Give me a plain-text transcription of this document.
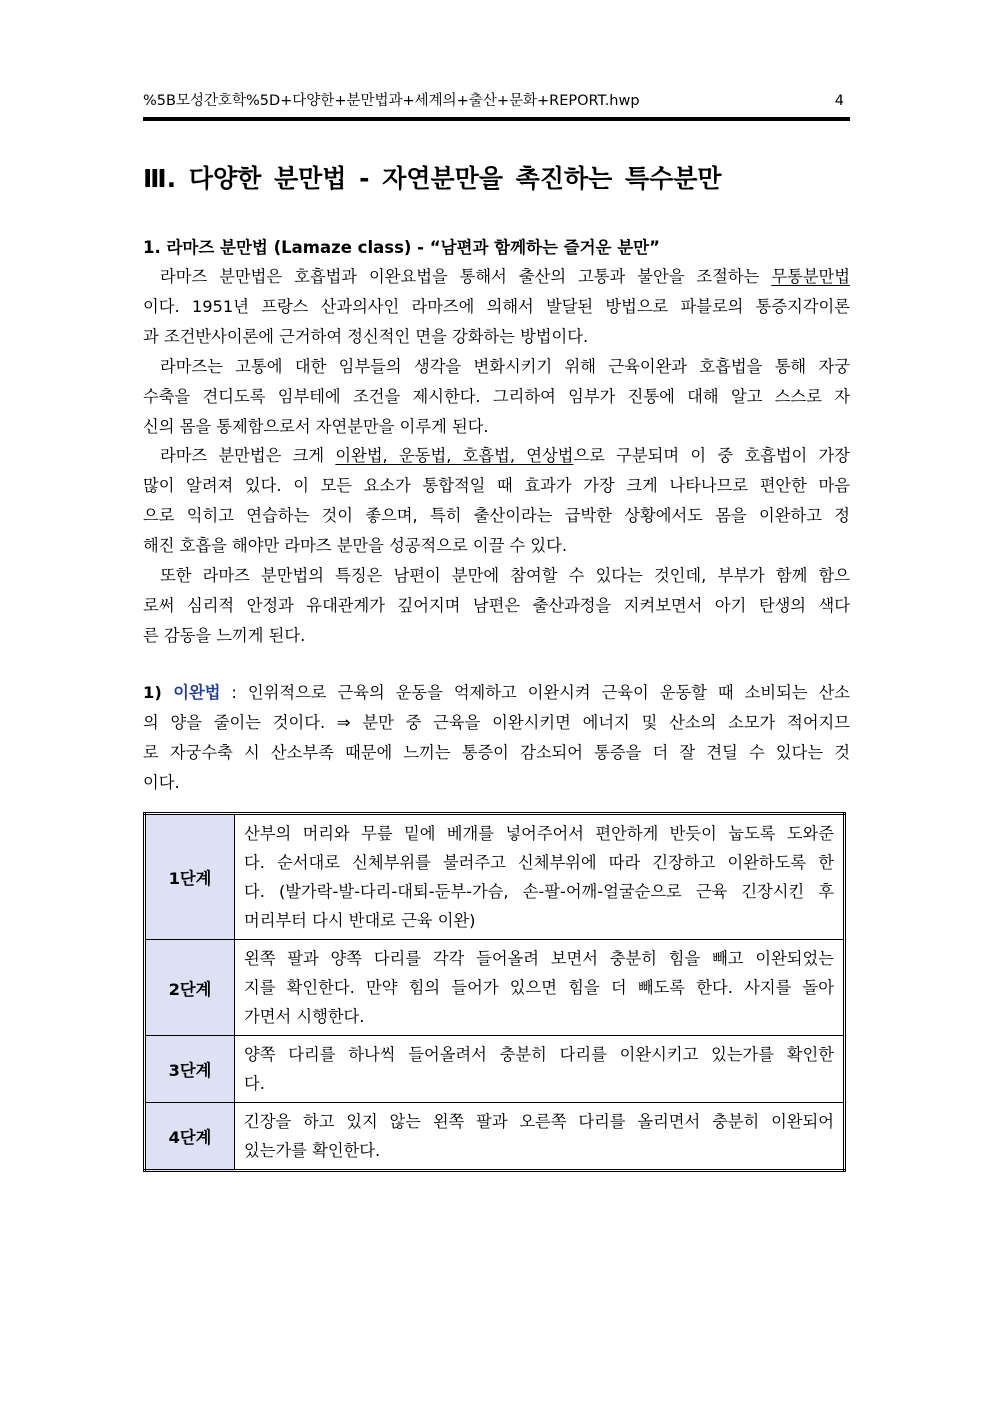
%5B모성간호학%5D+다양한+분만법과+세계의+출산+문화+REPORT.hwp	4
Ⅲ. 다양한 분만법 - 자연분만을 촉진하는 특수분만
1. 라마즈 분만법 (Lamaze class) - “남편과 함께하는 즐거운 분만”
라마즈 분만법은 호흡법과 이완요법을 통해서 출산의 고통과 불안을 조절하는 무통분만법
이다. 1951년 프랑스 산과의사인 라마즈에 의해서 발달된 방법으로 파블로의 통증지각이론
과 조건반사이론에 근거하여 정신적인 면을 강화하는 방법이다.
라마즈는 고통에 대한 임부들의 생각을 변화시키기 위해 근육이완과 호흡법을 통해 자궁
수축을 견디도록 임부테에 조건을 제시한다. 그리하여 임부가 진통에 대해 알고 스스로 자
신의 몸을 통제함으로서 자연분만을 이루게 된다.
라마즈 분만법은 크게 이완법, 운동법, 호흡법, 연상법으로 구분되며 이 중 호흡법이 가장
많이 알려져 있다. 이 모든 요소가 통합적일 때 효과가 가장 크게 나타나므로 편안한 마음
으로 익히고 연습하는 것이 좋으며, 특히 출산이라는 급박한 상황에서도 몸을 이완하고 정
해진 호흡을 해야만 라마즈 분만을 성공적으로 이끌 수 있다.
또한 라마즈 분만법의 특징은 남편이 분만에 참여할 수 있다는 것인데, 부부가 함께 함으
로써 심리적 안정과 유대관계가 깊어지며 남편은 출산과정을 지켜보면서 아기 탄생의 색다
른 감동을 느끼게 된다.
1) 이완법 : 인위적으로 근육의 운동을 억제하고 이완시켜 근육이 운동할 때 소비되는 산소
의 양을 줄이는 것이다. ⇒ 분만 중 근육을 이완시키면 에너지 및 산소의 소모가 적어지므
로 자궁수축 시 산소부족 때문에 느끼는 통증이 감소되어 통증을 더 잘 견딜 수 있다는 것
이다.
1단계	산부의 머리와 무릎 밑에 베개를 넣어주어서 편안하게 반듯이 눕도록 도와준
다. 순서대로 신체부위를 불러주고 신체부위에 따라 긴장하고 이완하도록 한
다. (발가락-발-다리-대퇴-둔부-가슴, 손-팔-어깨-얼굴순으로 근육 긴장시킨 후
머리부터 다시 반대로 근육 이완)

2단계	왼쪽 팔과 양쪽 다리를 각각 들어올려 보면서 충분히 힘을 빼고 이완되었는
지를 확인한다. 만약 힘의 들어가 있으면 힘을 더 빼도록 한다. 사지를 돌아
가면서 시행한다.

3단계	양쪽 다리를 하나씩 들어올려서 충분히 다리를 이완시키고 있는가를 확인한
다.

4단계	긴장을 하고 있지 않는 왼쪽 팔과 오른쪽 다리를 올리면서 충분히 이완되어
있는가를 확인한다.
